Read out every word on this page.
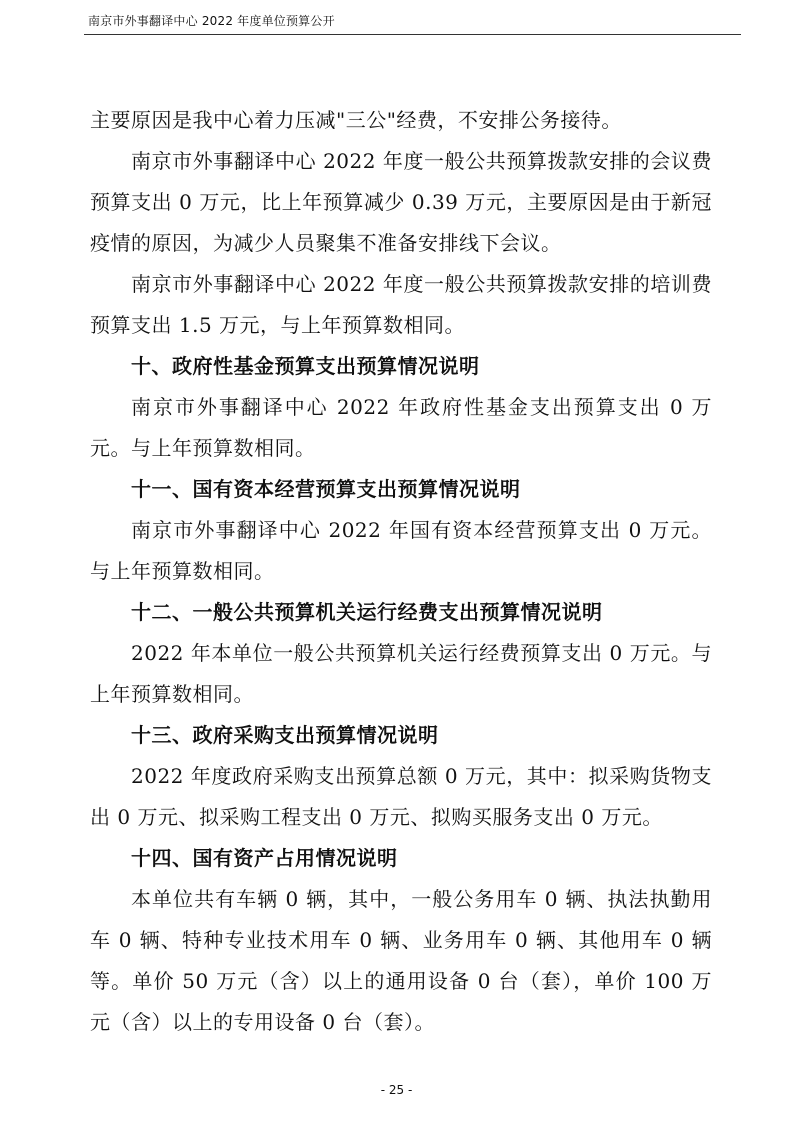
南京市外事翻译中心 2022 年度单位预算公开

主要原因是我中心着力压减"三公"经费，不安排公务接待。

南京市外事翻译中心 2022 年度一般公共预算拨款安排的会议费预算支出 0 万元，比上年预算减少 0.39 万元，主要原因是由于新冠疫情的原因，为减少人员聚集不准备安排线下会议。

南京市外事翻译中心 2022 年度一般公共预算拨款安排的培训费预算支出 1.5 万元，与上年预算数相同。

十、政府性基金预算支出预算情况说明

南京市外事翻译中心 2022 年政府性基金支出预算支出 0 万元。与上年预算数相同。

十一、国有资本经营预算支出预算情况说明

南京市外事翻译中心 2022 年国有资本经营预算支出 0 万元。与上年预算数相同。

十二、一般公共预算机关运行经费支出预算情况说明

2022 年本单位一般公共预算机关运行经费预算支出 0 万元。与上年预算数相同。

十三、政府采购支出预算情况说明

2022 年度政府采购支出预算总额 0 万元，其中：拟采购货物支出 0 万元、拟采购工程支出 0 万元、拟购买服务支出 0 万元。

十四、国有资产占用情况说明

本单位共有车辆 0 辆，其中，一般公务用车 0 辆、执法执勤用车 0 辆、特种专业技术用车 0 辆、业务用车 0 辆、其他用车 0 辆等。单价 50 万元（含）以上的通用设备 0 台（套），单价 100 万元（含）以上的专用设备 0 台（套）。

- 25 -
